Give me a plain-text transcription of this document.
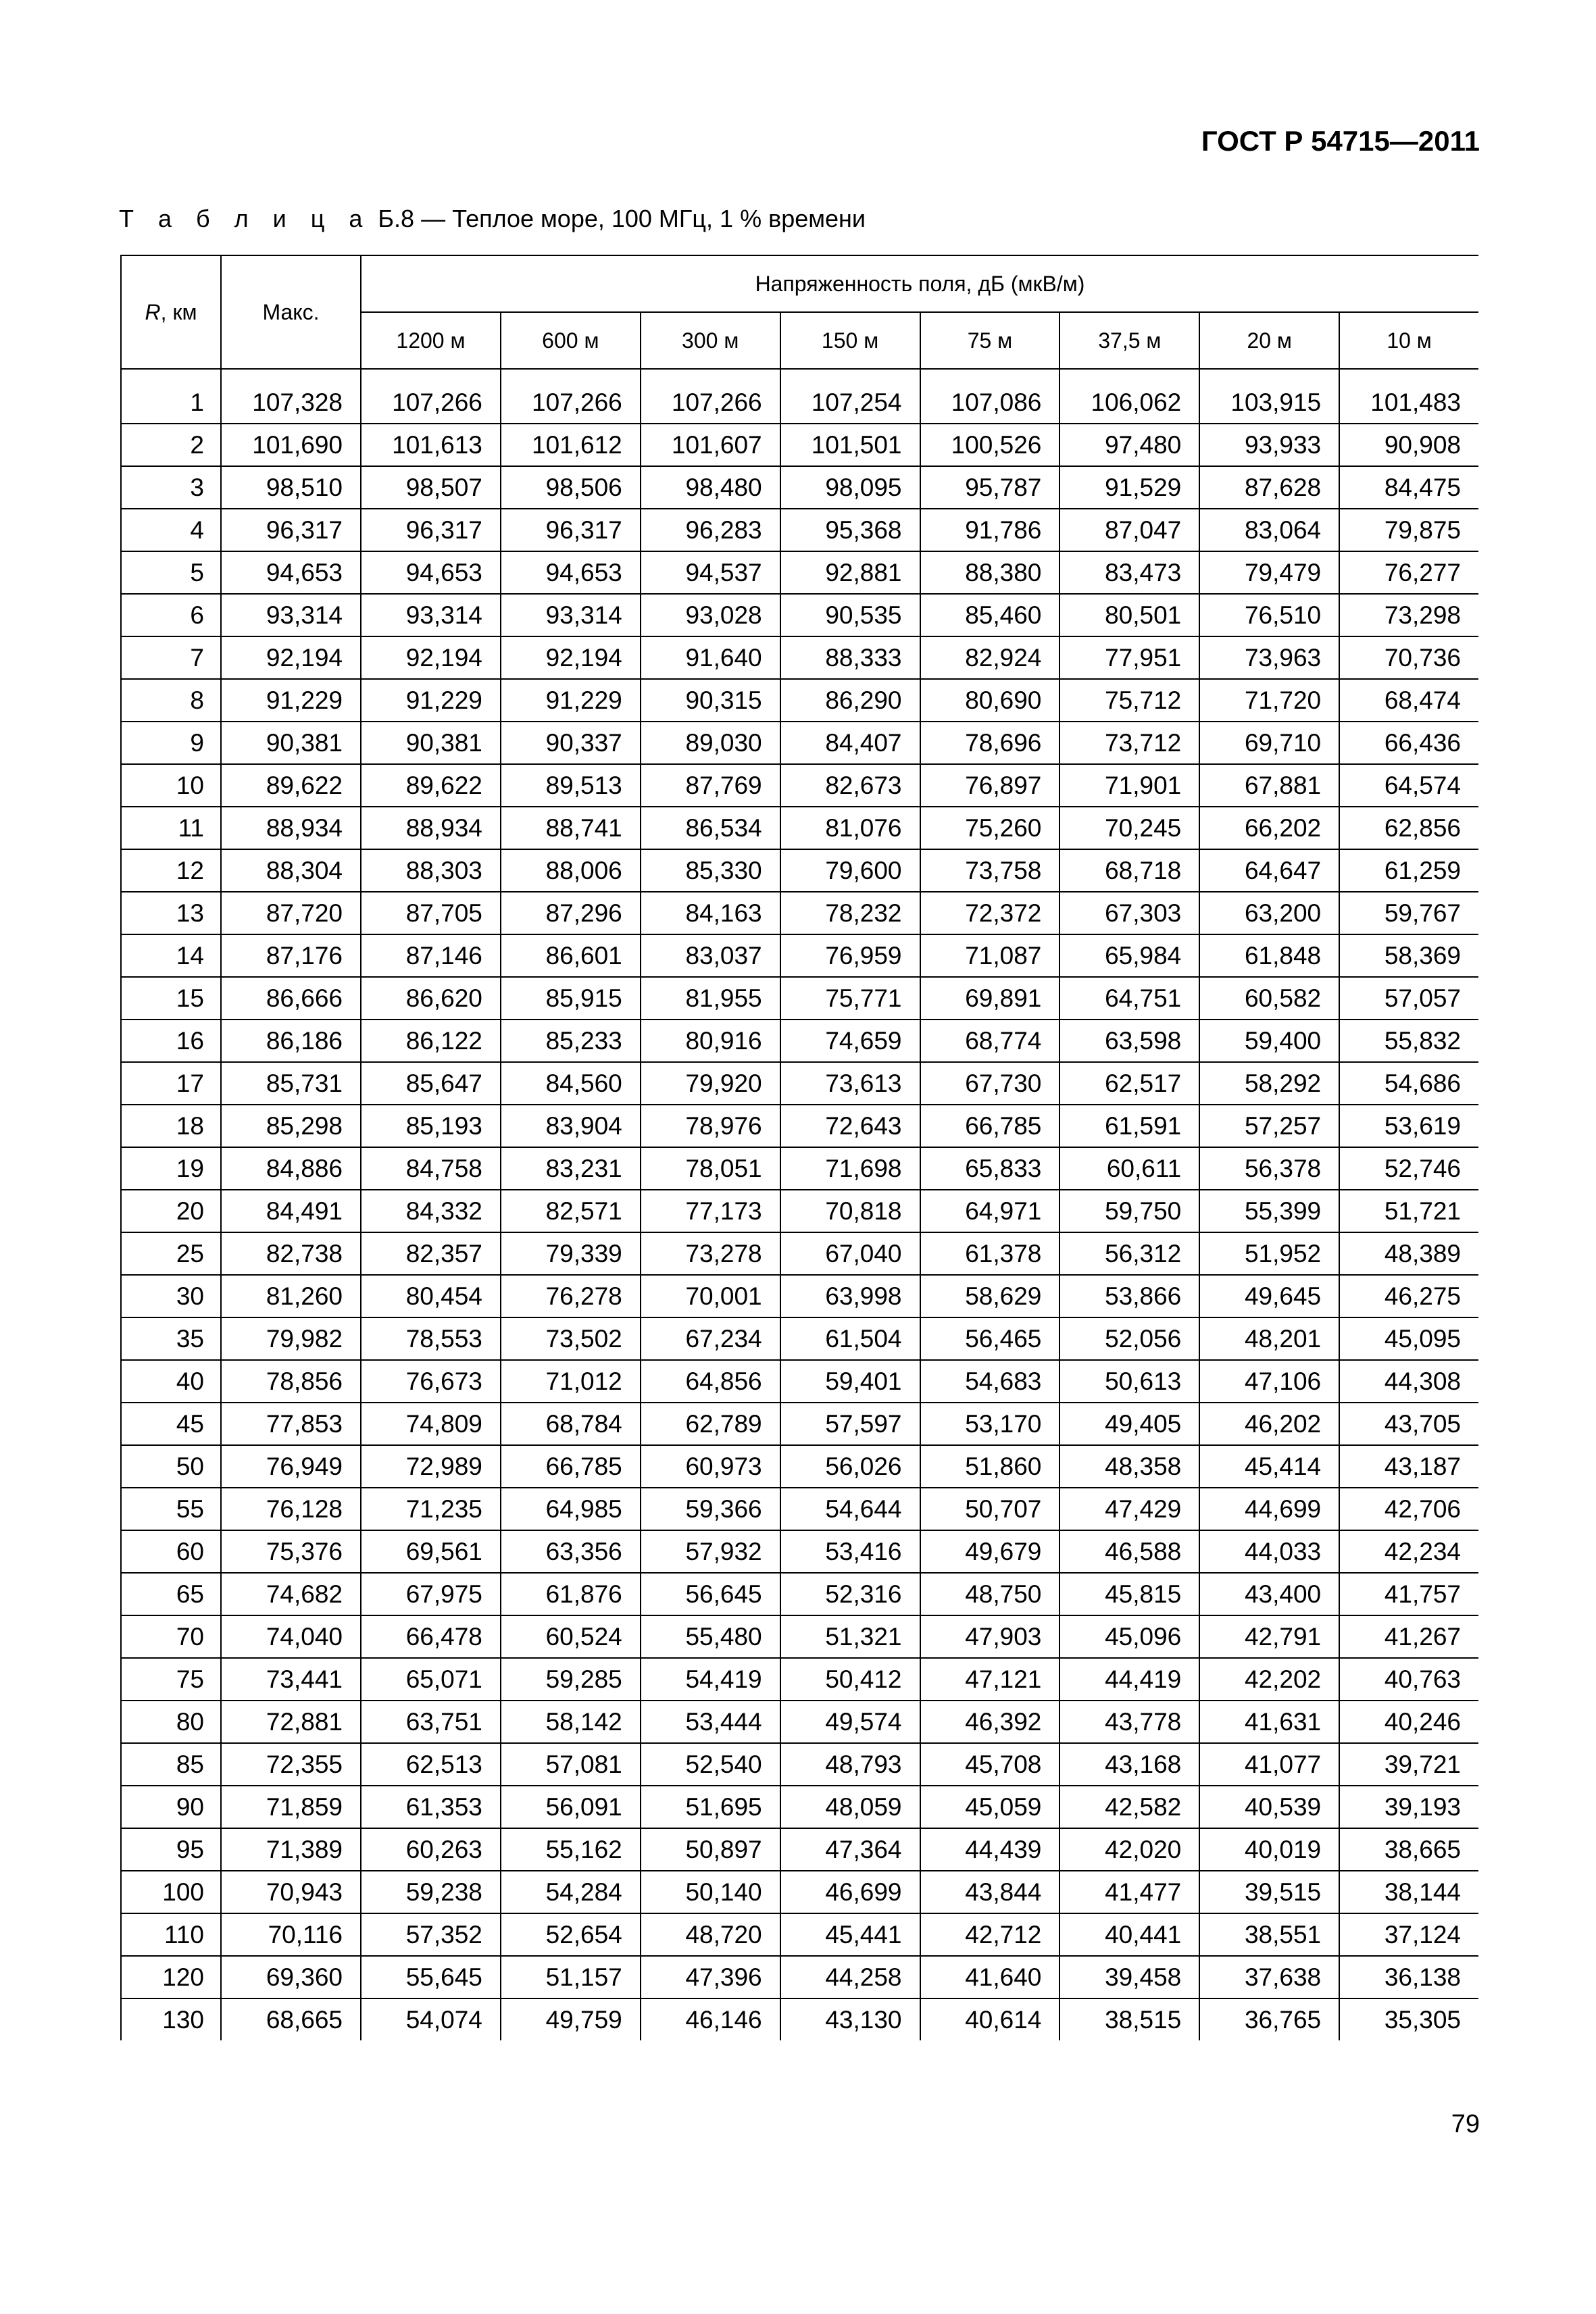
ГОСТ Р 54715—2011
Т а б л и ц а Б.8 — Теплое море, 100 МГц, 1 % времени
R, км	Макс.	Напряженность поля, дБ (мкВ/м)							
		1200 м	600 м	300 м	150 м	75 м	37,5 м	20 м	10 м

1	107,328	107,266	107,266	107,266	107,254	107,086	106,062	103,915	101,483
2	101,690	101,613	101,612	101,607	101,501	100,526	97,480	93,933	90,908
3	98,510	98,507	98,506	98,480	98,095	95,787	91,529	87,628	84,475
4	96,317	96,317	96,317	96,283	95,368	91,786	87,047	83,064	79,875
5	94,653	94,653	94,653	94,537	92,881	88,380	83,473	79,479	76,277
6	93,314	93,314	93,314	93,028	90,535	85,460	80,501	76,510	73,298
7	92,194	92,194	92,194	91,640	88,333	82,924	77,951	73,963	70,736
8	91,229	91,229	91,229	90,315	86,290	80,690	75,712	71,720	68,474
9	90,381	90,381	90,337	89,030	84,407	78,696	73,712	69,710	66,436
10	89,622	89,622	89,513	87,769	82,673	76,897	71,901	67,881	64,574
11	88,934	88,934	88,741	86,534	81,076	75,260	70,245	66,202	62,856
12	88,304	88,303	88,006	85,330	79,600	73,758	68,718	64,647	61,259
13	87,720	87,705	87,296	84,163	78,232	72,372	67,303	63,200	59,767
14	87,176	87,146	86,601	83,037	76,959	71,087	65,984	61,848	58,369
15	86,666	86,620	85,915	81,955	75,771	69,891	64,751	60,582	57,057
16	86,186	86,122	85,233	80,916	74,659	68,774	63,598	59,400	55,832
17	85,731	85,647	84,560	79,920	73,613	67,730	62,517	58,292	54,686
18	85,298	85,193	83,904	78,976	72,643	66,785	61,591	57,257	53,619
19	84,886	84,758	83,231	78,051	71,698	65,833	60,611	56,378	52,746
20	84,491	84,332	82,571	77,173	70,818	64,971	59,750	55,399	51,721
25	82,738	82,357	79,339	73,278	67,040	61,378	56,312	51,952	48,389
30	81,260	80,454	76,278	70,001	63,998	58,629	53,866	49,645	46,275
35	79,982	78,553	73,502	67,234	61,504	56,465	52,056	48,201	45,095
40	78,856	76,673	71,012	64,856	59,401	54,683	50,613	47,106	44,308
45	77,853	74,809	68,784	62,789	57,597	53,170	49,405	46,202	43,705
50	76,949	72,989	66,785	60,973	56,026	51,860	48,358	45,414	43,187
55	76,128	71,235	64,985	59,366	54,644	50,707	47,429	44,699	42,706
60	75,376	69,561	63,356	57,932	53,416	49,679	46,588	44,033	42,234
65	74,682	67,975	61,876	56,645	52,316	48,750	45,815	43,400	41,757
70	74,040	66,478	60,524	55,480	51,321	47,903	45,096	42,791	41,267
75	73,441	65,071	59,285	54,419	50,412	47,121	44,419	42,202	40,763
80	72,881	63,751	58,142	53,444	49,574	46,392	43,778	41,631	40,246
85	72,355	62,513	57,081	52,540	48,793	45,708	43,168	41,077	39,721
90	71,859	61,353	56,091	51,695	48,059	45,059	42,582	40,539	39,193
95	71,389	60,263	55,162	50,897	47,364	44,439	42,020	40,019	38,665
100	70,943	59,238	54,284	50,140	46,699	43,844	41,477	39,515	38,144
110	70,116	57,352	52,654	48,720	45,441	42,712	40,441	38,551	37,124
120	69,360	55,645	51,157	47,396	44,258	41,640	39,458	37,638	36,138
130	68,665	54,074	49,759	46,146	43,130	40,614	38,515	36,765	35,305
79
